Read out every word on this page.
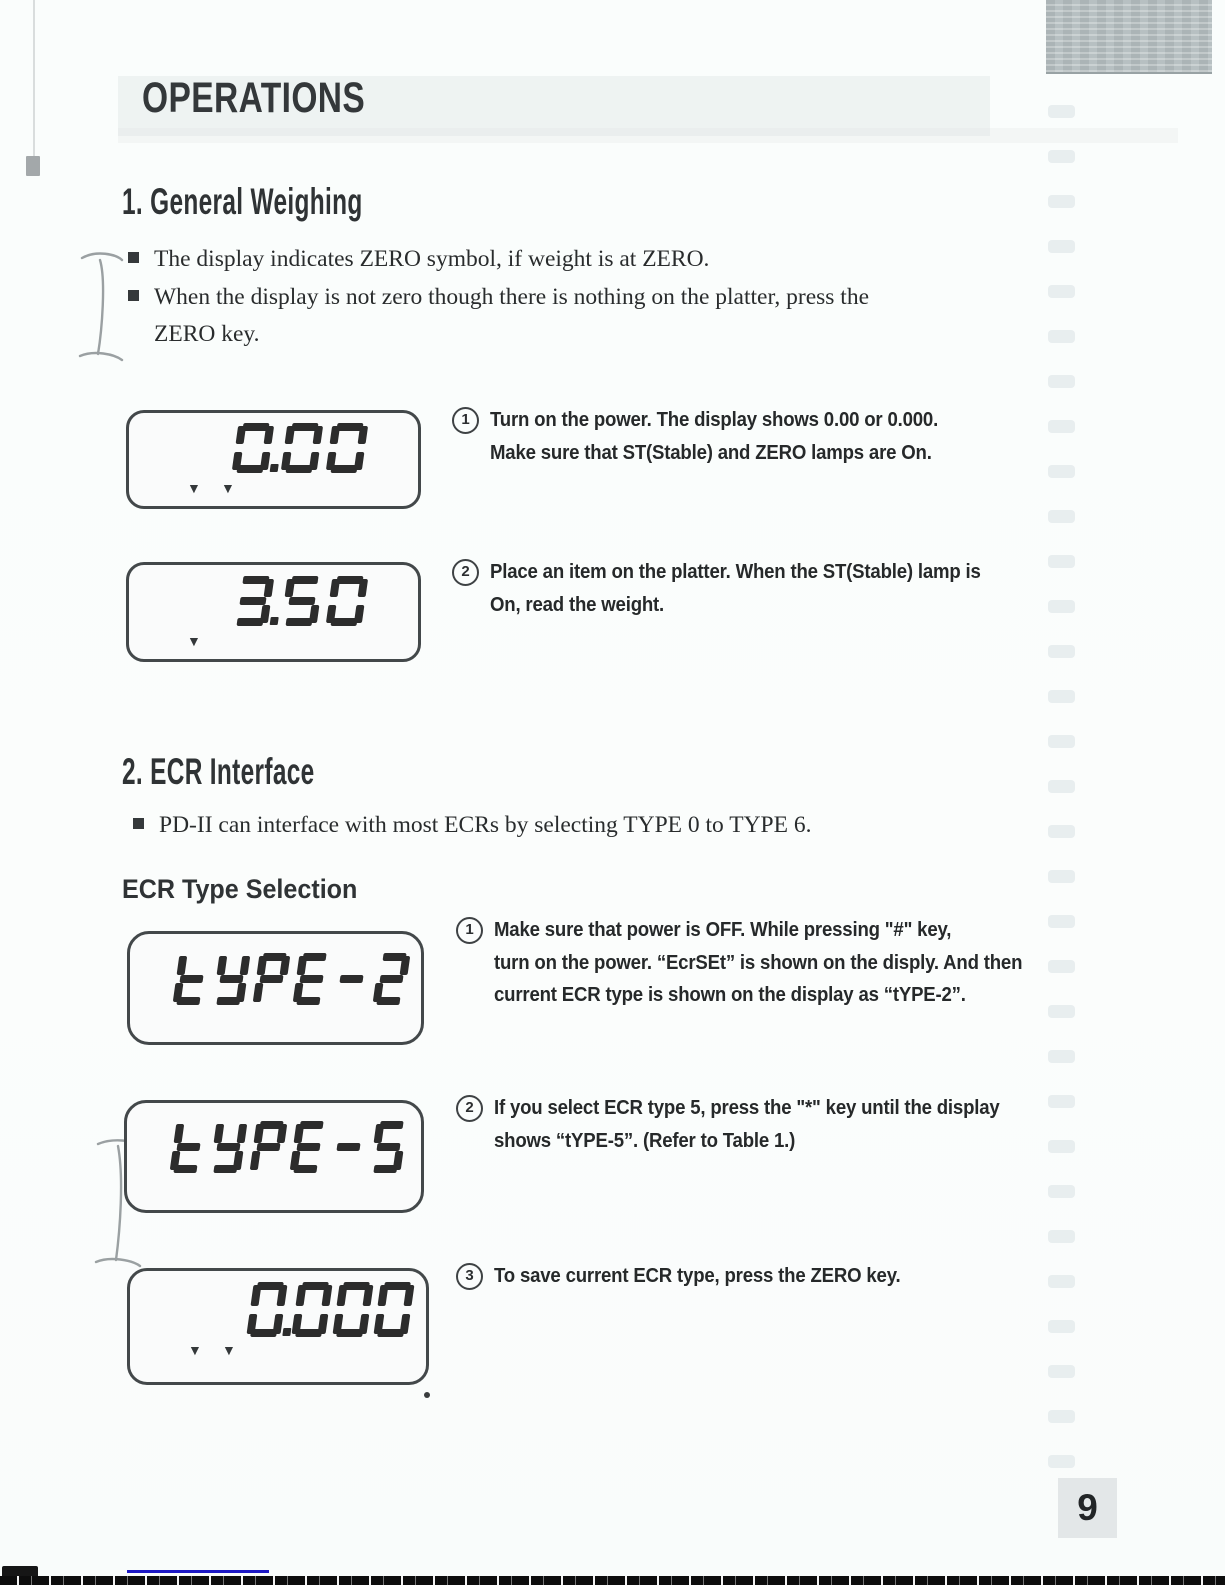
OPERATIONS
1. General Weighing
The display indicates ZERO symbol, if weight is at ZERO.
When the display is not zero though there is nothing on the platter, press the
ZERO key.
▼ ▼
1	Turn on the power. The display shows 0.00 or 0.000.
Make sure that ST(Stable) and ZERO lamps are On.
▼
2	Place an item on the platter. When the ST(Stable) lamp is
On, read the weight.
2. ECR Interface
PD-II can interface with most ECRs by selecting TYPE 0 to TYPE 6.
ECR Type Selection
1	Make sure that power is OFF. While pressing "#" key,
turn on the power. “EcrSEt” is shown on the disply. And then
current ECR type is shown on the display as “tYPE-2”.
2	If you select ECR type 5, press the "*" key until the display
shows “tYPE-5”. (Refer to Table 1.)
▼ ▼
3	To save current ECR type, press the ZERO key.
9
